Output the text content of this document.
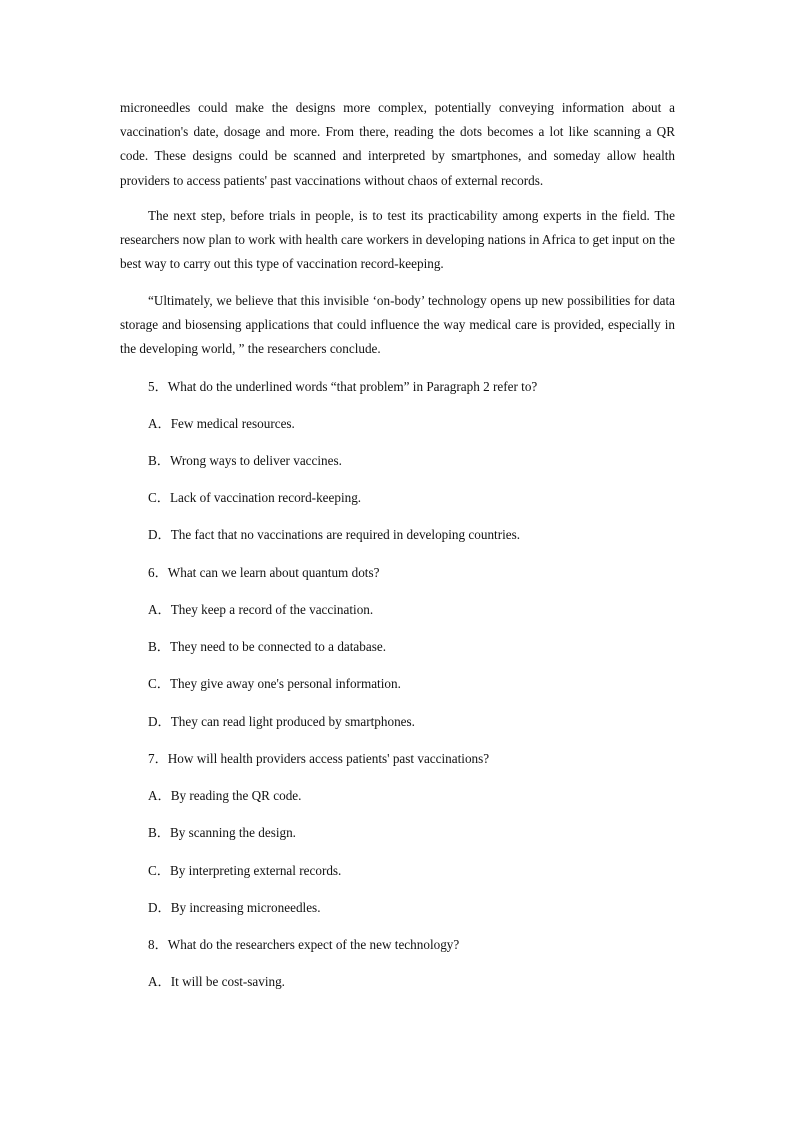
microneedles could make the designs more complex, potentially conveying information about a vaccination's date, dosage and more. From there, reading the dots becomes a lot like scanning a QR code. These designs could be scanned and interpreted by smartphones, and someday allow health providers to access patients' past vaccinations without chaos of external records.

The next step, before trials in people, is to test its practicability among experts in the field. The researchers now plan to work with health care workers in developing nations in Africa to get input on the best way to carry out this type of vaccination record-keeping.

“Ultimately, we believe that this invisible ‘on-body’ technology opens up new possibilities for data storage and biosensing applications that could influence the way medical care is provided, especially in the developing world, ” the researchers conclude.

5．What do the underlined words “that problem” in Paragraph 2 refer to?

A．Few medical resources.

B．Wrong ways to deliver vaccines.

C．Lack of vaccination record-keeping.

D．The fact that no vaccinations are required in developing countries.

6．What can we learn about quantum dots?

A．They keep a record of the vaccination.

B．They need to be connected to a database.

C．They give away one's personal information.

D．They can read light produced by smartphones.

7．How will health providers access patients' past vaccinations?

A．By reading the QR code.

B．By scanning the design.

C．By interpreting external records.

D．By increasing microneedles.

8．What do the researchers expect of the new technology?

A．It will be cost-saving.
